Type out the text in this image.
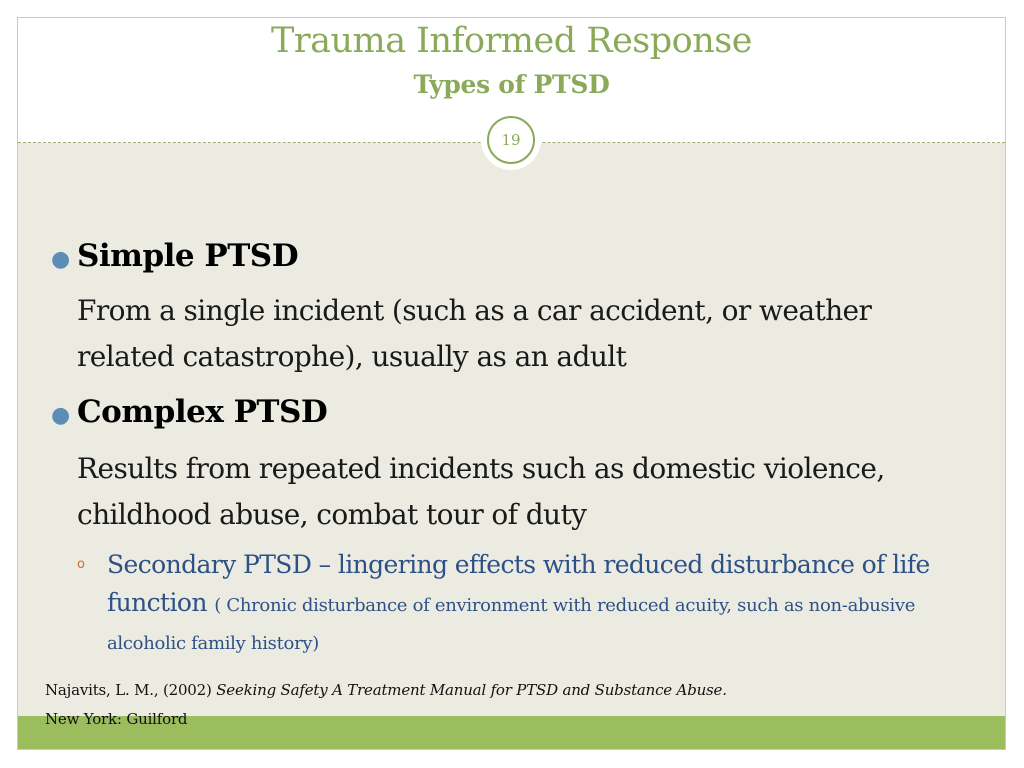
Trauma Informed Response
Types of PTSD
19
● Simple PTSD

From a single incident (such as a car accident, or weather related catastrophe), usually as an adult

● Complex PTSD

Results from repeated incidents such as domestic violence, childhood abuse, combat tour of duty

o Secondary PTSD – lingering effects with reduced disturbance of life function ( Chronic disturbance of environment with reduced acuity, such as non-abusive alcoholic family history)
Najavits, L. M., (2002) Seeking Safety A Treatment Manual for PTSD and Substance Abuse.
New York: Guilford
